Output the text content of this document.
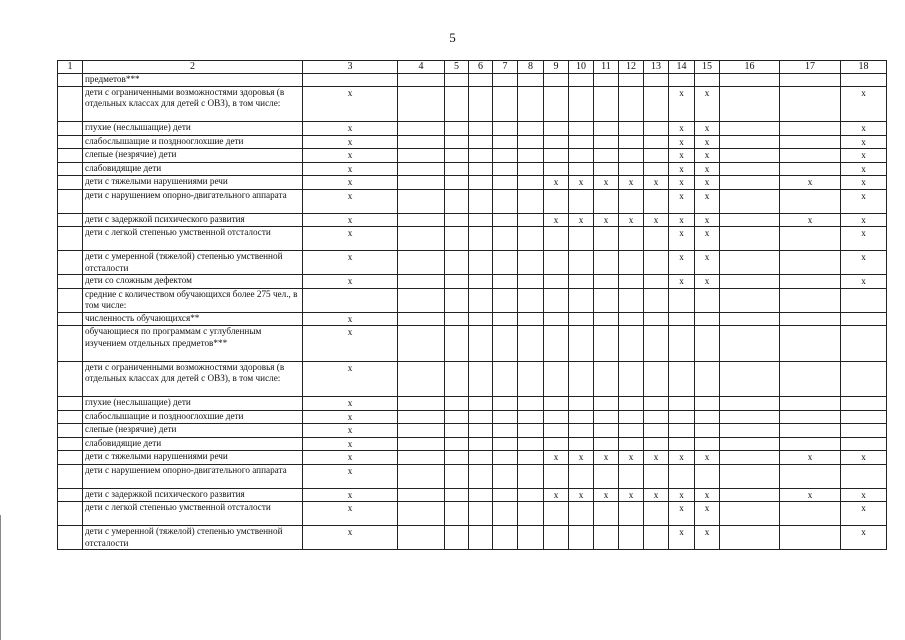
5
1	2	3	4	5	6	7	8	9	10	11	12	13	14	15	16	17	18
	предметов***																
	дети с ограниченными возможностями здоровья (в отдельных классах для детей с ОВЗ), в том числе:	x											x	x			x
	глухие (неслышащие) дети	x											x	x			x
	слабослышащие и позднооглохшие дети	x											x	x			x
	слепые (незрячие) дети	x											x	x			x
	слабовидящие дети	x											x	x			x
	дети с тяжелыми нарушениями речи	x						x	x	x	x	x	x	x		x	x
	дети с нарушением опорно-двигательного аппарата	x											x	x			x
	дети с задержкой психического развития	x						x	x	x	x	x	x	x		x	x
	дети с легкой степенью умственной отсталости	x											x	x			x
	дети с умеренной (тяжелой) степенью умственной отсталости	x											x	x			x
	дети со сложным дефектом	x											x	x			x
	средние с количеством обучающихся более 275 чел., в том числе:																
	численность обучающихся**	x															
	обучающиеся по программам с углубленным изучением отдельных предметов***	x															
	дети с ограниченными возможностями здоровья (в отдельных классах для детей с ОВЗ), в том числе:	x															
	глухие (неслышащие) дети	x															
	слабослышащие и позднооглохшие дети	x															
	слепые (незрячие) дети	x															
	слабовидящие дети	x															
	дети с тяжелыми нарушениями речи	x						x	x	x	x	x	x	x		x	x
	дети с нарушением опорно-двигательного аппарата	x															
	дети с задержкой психического развития	x						x	x	x	x	x	x	x		x	x
	дети с легкой степенью умственной отсталости	x											x	x			x
	дети с умеренной (тяжелой) степенью умственной отсталости	x											x	x			x
